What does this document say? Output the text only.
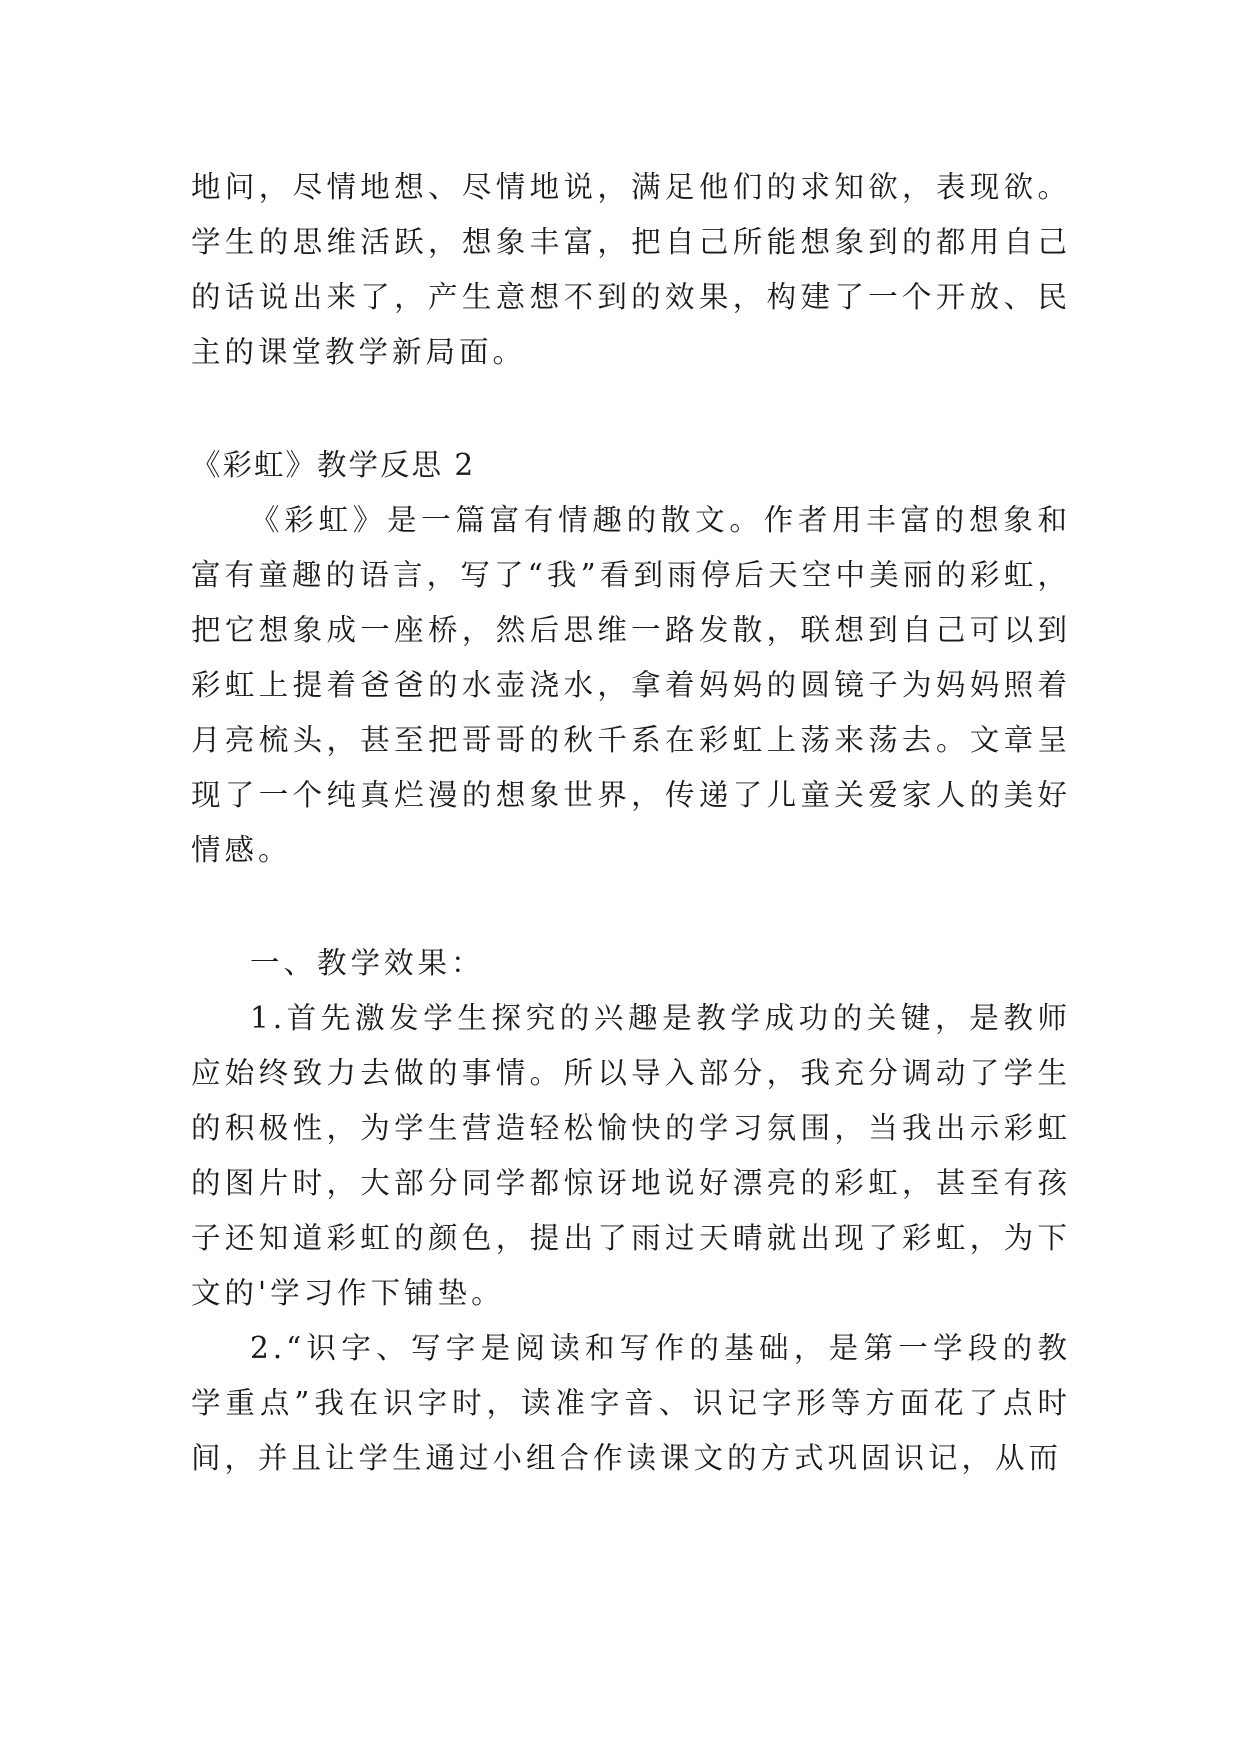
地问，尽情地想、尽情地说，满足他们的求知欲，表现欲。学生的思维活跃，想象丰富，把自己所能想象到的都用自己的话说出来了，产生意想不到的效果，构建了一个开放、民主的课堂教学新局面。

《彩虹》教学反思 2

《彩虹》是一篇富有情趣的散文。作者用丰富的想象和富有童趣的语言，写了“我”看到雨停后天空中美丽的彩虹，把它想象成一座桥，然后思维一路发散，联想到自己可以到彩虹上提着爸爸的水壶浇水，拿着妈妈的圆镜子为妈妈照着月亮梳头，甚至把哥哥的秋千系在彩虹上荡来荡去。文章呈现了一个纯真烂漫的想象世界，传递了儿童关爱家人的美好情感。

一、教学效果：

1.首先激发学生探究的兴趣是教学成功的关键，是教师应始终致力去做的事情。所以导入部分，我充分调动了学生的积极性，为学生营造轻松愉快的学习氛围，当我出示彩虹的图片时，大部分同学都惊讶地说好漂亮的彩虹，甚至有孩子还知道彩虹的颜色，提出了雨过天晴就出现了彩虹，为下文的'学习作下铺垫。

2.“识字、写字是阅读和写作的基础，是第一学段的教学重点”我在识字时，读准字音、识记字形等方面花了点时间，并且让学生通过小组合作读课文的方式巩固识记，从而
